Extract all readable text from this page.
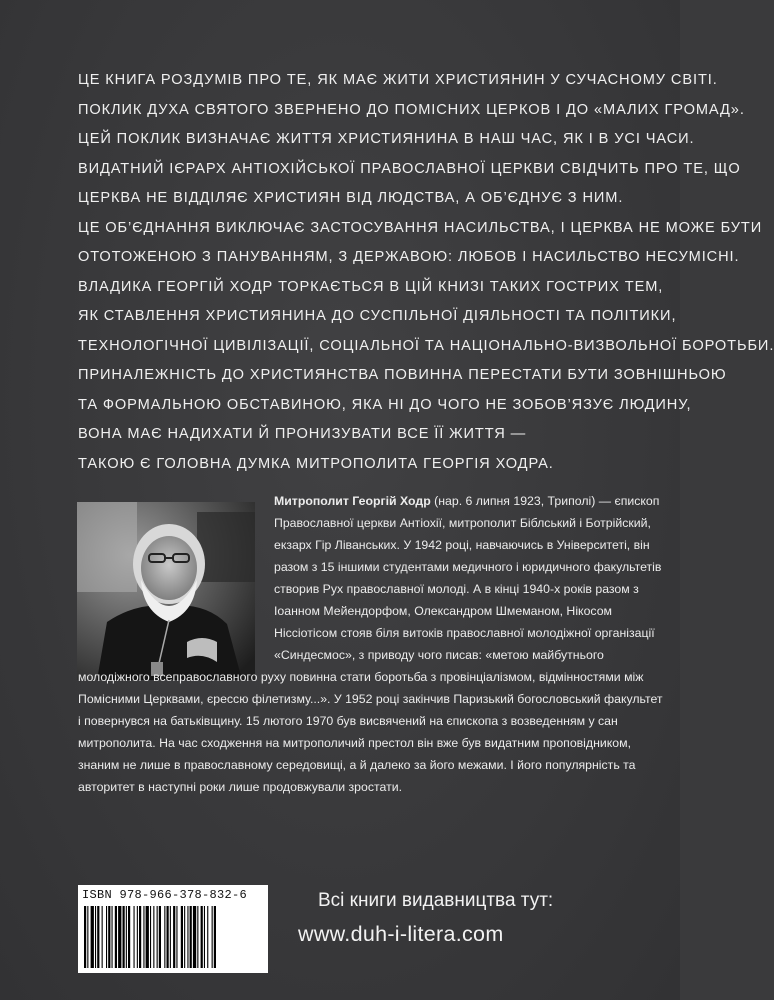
ЦЕ КНИГА РОЗДУМІВ ПРО ТЕ, ЯК МАЄ ЖИТИ ХРИСТИЯНИН У СУЧАСНОМУ СВІТІ.
ПОКЛИК ДУХА СВЯТОГО ЗВЕРНЕНО ДО ПОМІСНИХ ЦЕРКОВ І ДО «МАЛИХ ГРОМАД».
ЦЕЙ ПОКЛИК ВИЗНАЧАЄ ЖИТТЯ ХРИСТИЯНИНА В НАШ ЧАС, ЯК І В УСІ ЧАСИ.
ВИДАТНИЙ ІЄРАРХ АНТІОХІЙСЬКОЇ ПРАВОСЛАВНОЇ ЦЕРКВИ СВІДЧИТЬ ПРО ТЕ, ЩО
ЦЕРКВА НЕ ВІДДІЛЯЄ ХРИСТИЯН ВІД ЛЮДСТВА, А ОБ’ЄДНУЄ З НИМ.
ЦЕ ОБ’ЄДНАННЯ ВИКЛЮЧАЄ ЗАСТОСУВАННЯ НАСИЛЬСТВА, І ЦЕРКВА НЕ МОЖЕ БУТИ
ОТОТОЖЕНОЮ З ПАНУВАННЯМ, З ДЕРЖАВОЮ: ЛЮБОВ І НАСИЛЬСТВО НЕСУМІСНІ.
ВЛАДИКА ГЕОРГІЙ ХОДР ТОРКАЄТЬСЯ В ЦІЙ КНИЗІ ТАКИХ ГОСТРИХ ТЕМ,
ЯК СТАВЛЕННЯ ХРИСТИЯНИНА ДО СУСПІЛЬНОЇ ДІЯЛЬНОСТІ ТА ПОЛІТИКИ,
ТЕХНОЛОГІЧНОЇ ЦИВІЛІЗАЦІЇ, СОЦІАЛЬНОЇ ТА НАЦІОНАЛЬНО-ВИЗВОЛЬНОЇ БОРОТЬБИ.
ПРИНАЛЕЖНІСТЬ ДО ХРИСТИЯНСТВА ПОВИННА ПЕРЕСТАТИ БУТИ ЗОВНІШНЬОЮ
ТА ФОРМАЛЬНОЮ ОБСТАВИНОЮ, ЯКА НІ ДО ЧОГО НЕ ЗОБОВ’ЯЗУЄ ЛЮДИНУ,
ВОНА МАЄ НАДИХАТИ Й ПРОНИЗУВАТИ ВСЕ ЇЇ ЖИТТЯ —
ТАКОЮ Є ГОЛОВНА ДУМКА МИТРОПОЛИТА ГЕОРГІЯ ХОДРА.
Митрополит Георгій Ходр (нар. 6 липня 1923, Триполі) — єпископ
Православної церкви Антіохії, митрополит Біблський і Ботрійский,
екзарх Гір Ліванських. У 1942 році, навчаючись в Університеті, він
разом з 15 іншими студентами медичного і юридичного факультетів
створив Рух православної молоді. А в кінці 1940-х років разом з
Іоанном Мейендорфом, Олександром Шмеманом, Нікосом
Ніссіотісом стояв біля витоків православної молодіжної організації
«Синдесмос», з приводу чого писав: «метою майбутнього
молодіжного всеправославного руху повинна стати боротьба з провінціалізмом, відмінностями між
Помісними Церквами, єрессю філетизму...». У 1952 році закінчив Паризький богословський факультет
і повернувся на батьківщину. 15 лютого 1970 був висвячений на єпископа з возведенням у сан
митрополита. На час сходження на митрополичий престол він вже був видатним проповідником,
знаним не лише в православному середовищі, а й далеко за його межами. І його популярність та
авторитет в наступні роки лише продовжували зростати.
ISBN 978-966-378-832-6	Всі книги видавництва тут:
www.duh-i-litera.com
